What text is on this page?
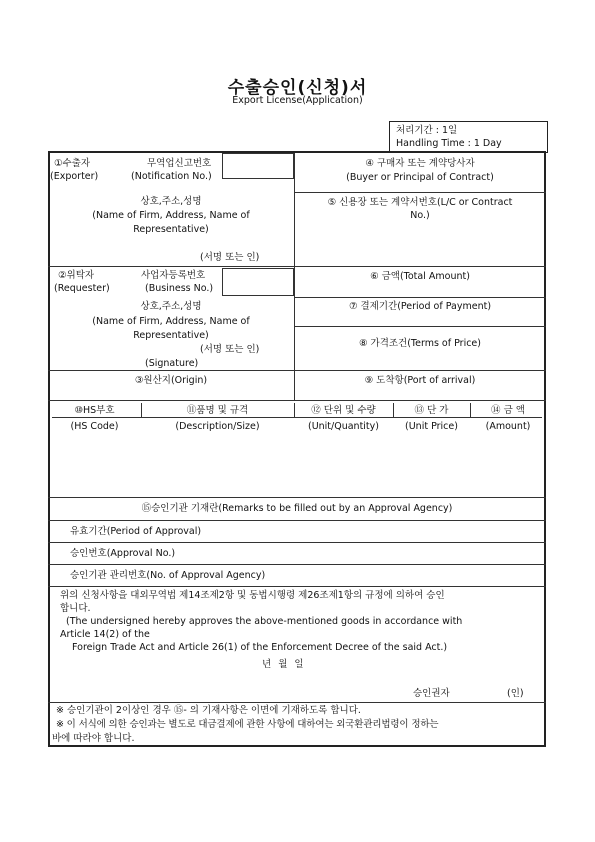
수출승인(신청)서
Export License(Application)
처리기간 : 1일
Handling Time : 1 Day
①수출자
(Exporter)
무역업신고번호
(Notification No.)
상호,주소,성명
(Name of Firm, Address, Name of
Representative)
(서명 또는 인)
④ 구매자 또는 계약당사자
(Buyer or Principal of Contract)
⑤ 신용장 또는 계약서번호(L/C or Contract
No.)
②위탁자
(Requester)
사업자등록번호
(Business No.)
상호,주소,성명
(Name of Firm, Address, Name of
Representative)
(서명 또는 인)
(Signature)
⑥ 금액(Total Amount)
⑦ 결제기간(Period of Payment)
⑧ 가격조건(Terms of Price)
③원산지(Origin)	⑨ 도착항(Port of arrival)
⑩HS부호
(HS Code)
⑪품명 및 규격
(Description/Size)
⑫ 단위 및 수량
(Unit/Quantity)
⑬ 단 가
(Unit Price)
⑭ 금 액
(Amount)
⑮승인기관 기재란(Remarks to be filled out by an Approval Agency)
유효기간(Period of Approval)
승인번호(Approval No.)
승인기관 관리번호(No. of Approval Agency)
위의 신청사항을 대외무역법 제14조제2항 및 동법시행령 제26조제1항의 규정에 의하여 승인
합니다.
(The undersigned hereby approves the above-mentioned goods in accordance with
Article 14(2) of the
Foreign Trade Act and Article 26(1) of the Enforcement Decree of the said Act.)
년 월 일
승인권자	(인)
※ 승인기관이 2이상인 경우 ⑮- 의 기재사항은 이면에 기재하도록 합니다.
※ 이 서식에 의한 승인과는 별도로 대금결제에 관한 사항에 대하여는 외국환관리법령이 정하는
바에 따라야 합니다.
